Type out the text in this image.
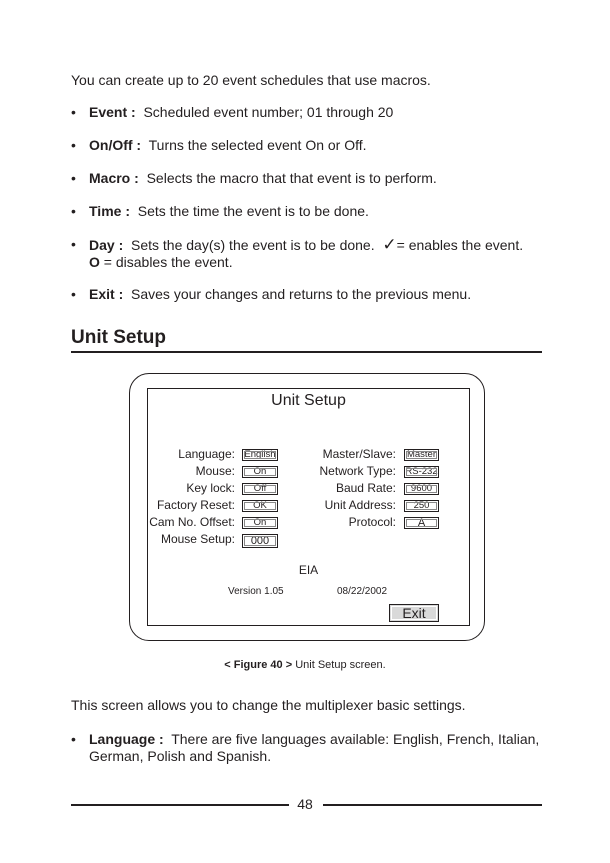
You can create up to 20 event schedules that use macros.
• Event : Scheduled event number; 01 through 20
• On/Off : Turns the selected event On or Off.
• Macro : Selects the macro that that event is to perform.
• Time : Sets the time the event is to be done.
• Day : Sets the day(s) the event is to be done. ✓= enables the event.
O = disables the event.
• Exit : Saves your changes and returns to the previous menu.
Unit Setup
Unit Setup
Language: English
Mouse:	On
Key lock:	Off
Factory Reset:	OK
Cam No. Offset:	On
Mouse Setup:	000
Master/Slave:	Master
Network Type: RS-232
Baud Rate:	9600
Unit Address:	250
Protocol:	A
EIA
Version 1.05	08/22/2002
Exit
< Figure 40 > Unit Setup screen.
This screen allows you to change the multiplexer basic settings.
• Language : There are five languages available: English, French, Italian, German, Polish and Spanish.
48
